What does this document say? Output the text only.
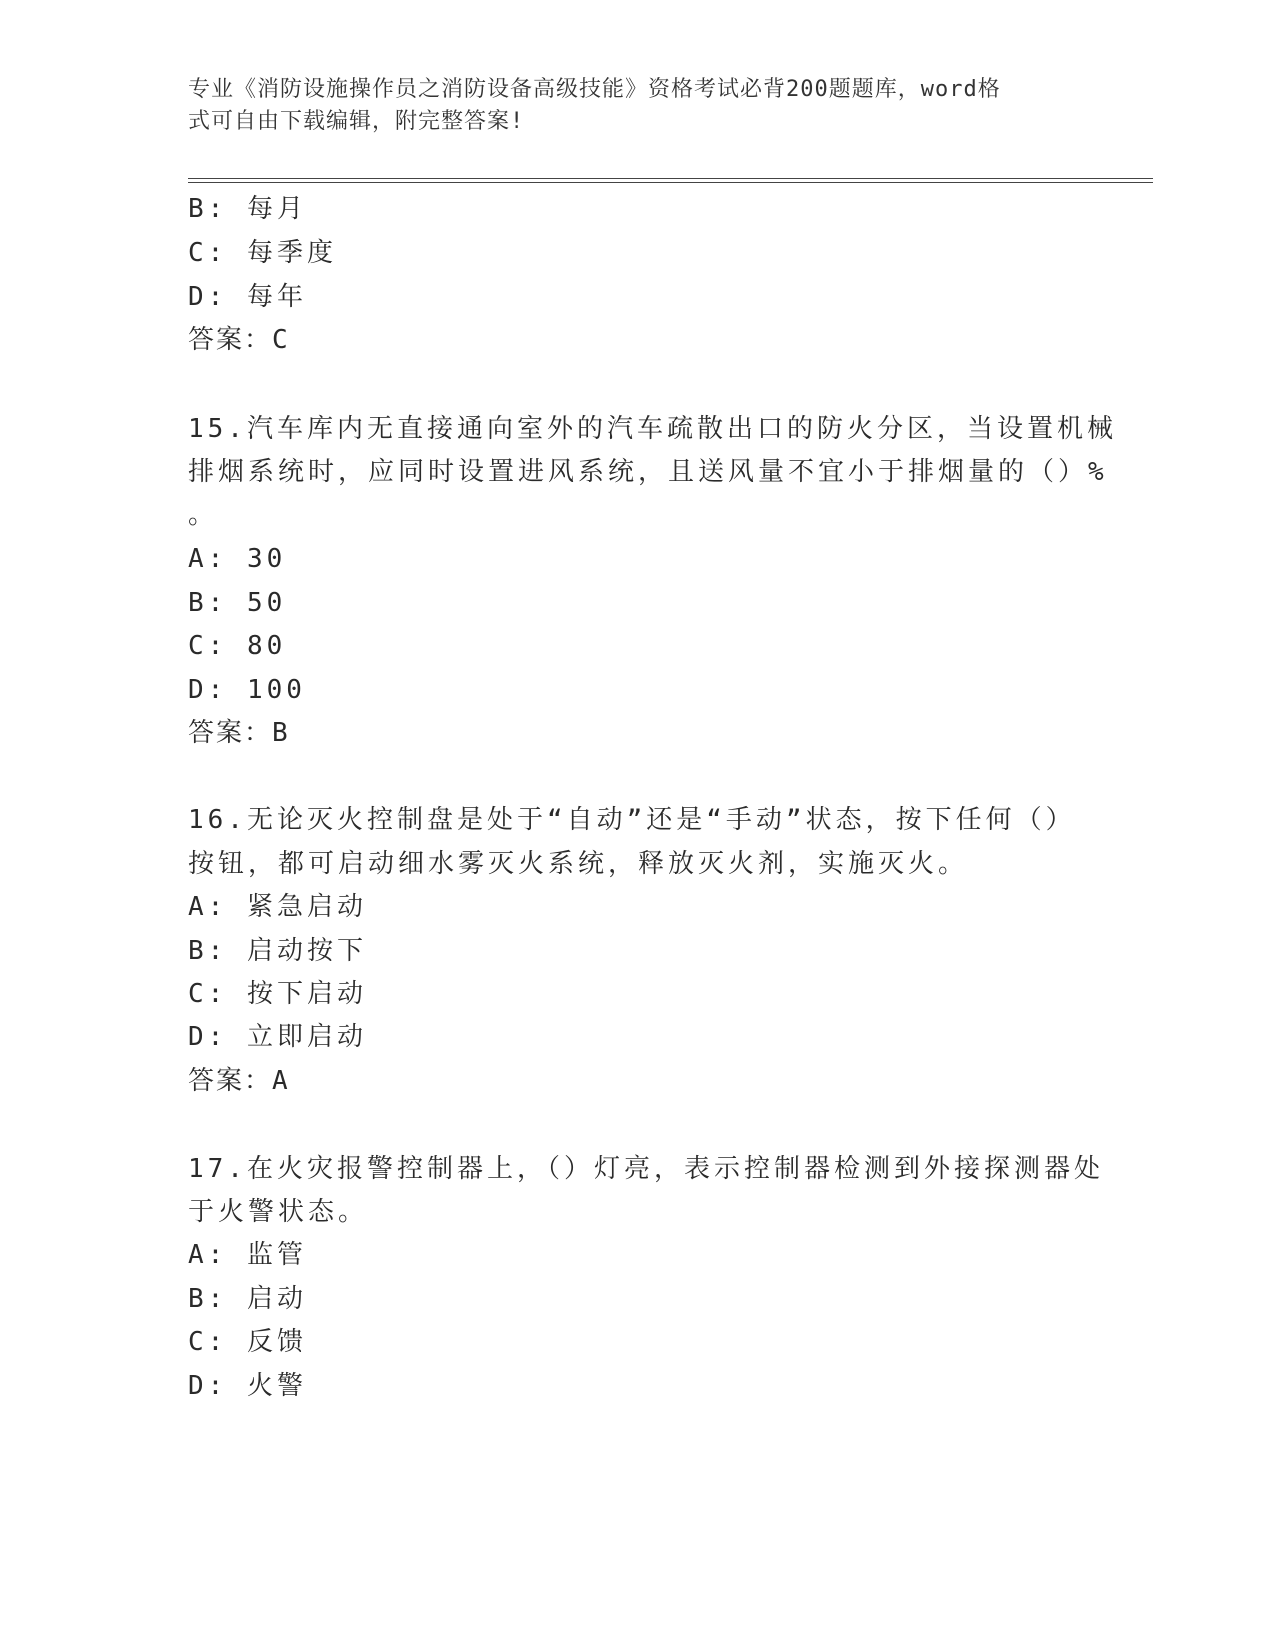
专业《消防设施操作员之消防设备高级技能》资格考试必背200题题库，word格
式可自由下载编辑，附完整答案!
B: 每月
C: 每季度
D: 每年
答案：C
15.汽车库内无直接通向室外的汽车疏散出口的防火分区，当设置机械
排烟系统时，应同时设置进风系统，且送风量不宜小于排烟量的（）%
。
A: 30
B: 50
C: 80
D: 100
答案：B
16.无论灭火控制盘是处于“自动”还是“手动”状态，按下任何（）
按钮，都可启动细水雾灭火系统，释放灭火剂，实施灭火。
A: 紧急启动
B: 启动按下
C: 按下启动
D: 立即启动
答案：A
17.在火灾报警控制器上，（）灯亮，表示控制器检测到外接探测器处
于火警状态。
A: 监管
B: 启动
C: 反馈
D: 火警
